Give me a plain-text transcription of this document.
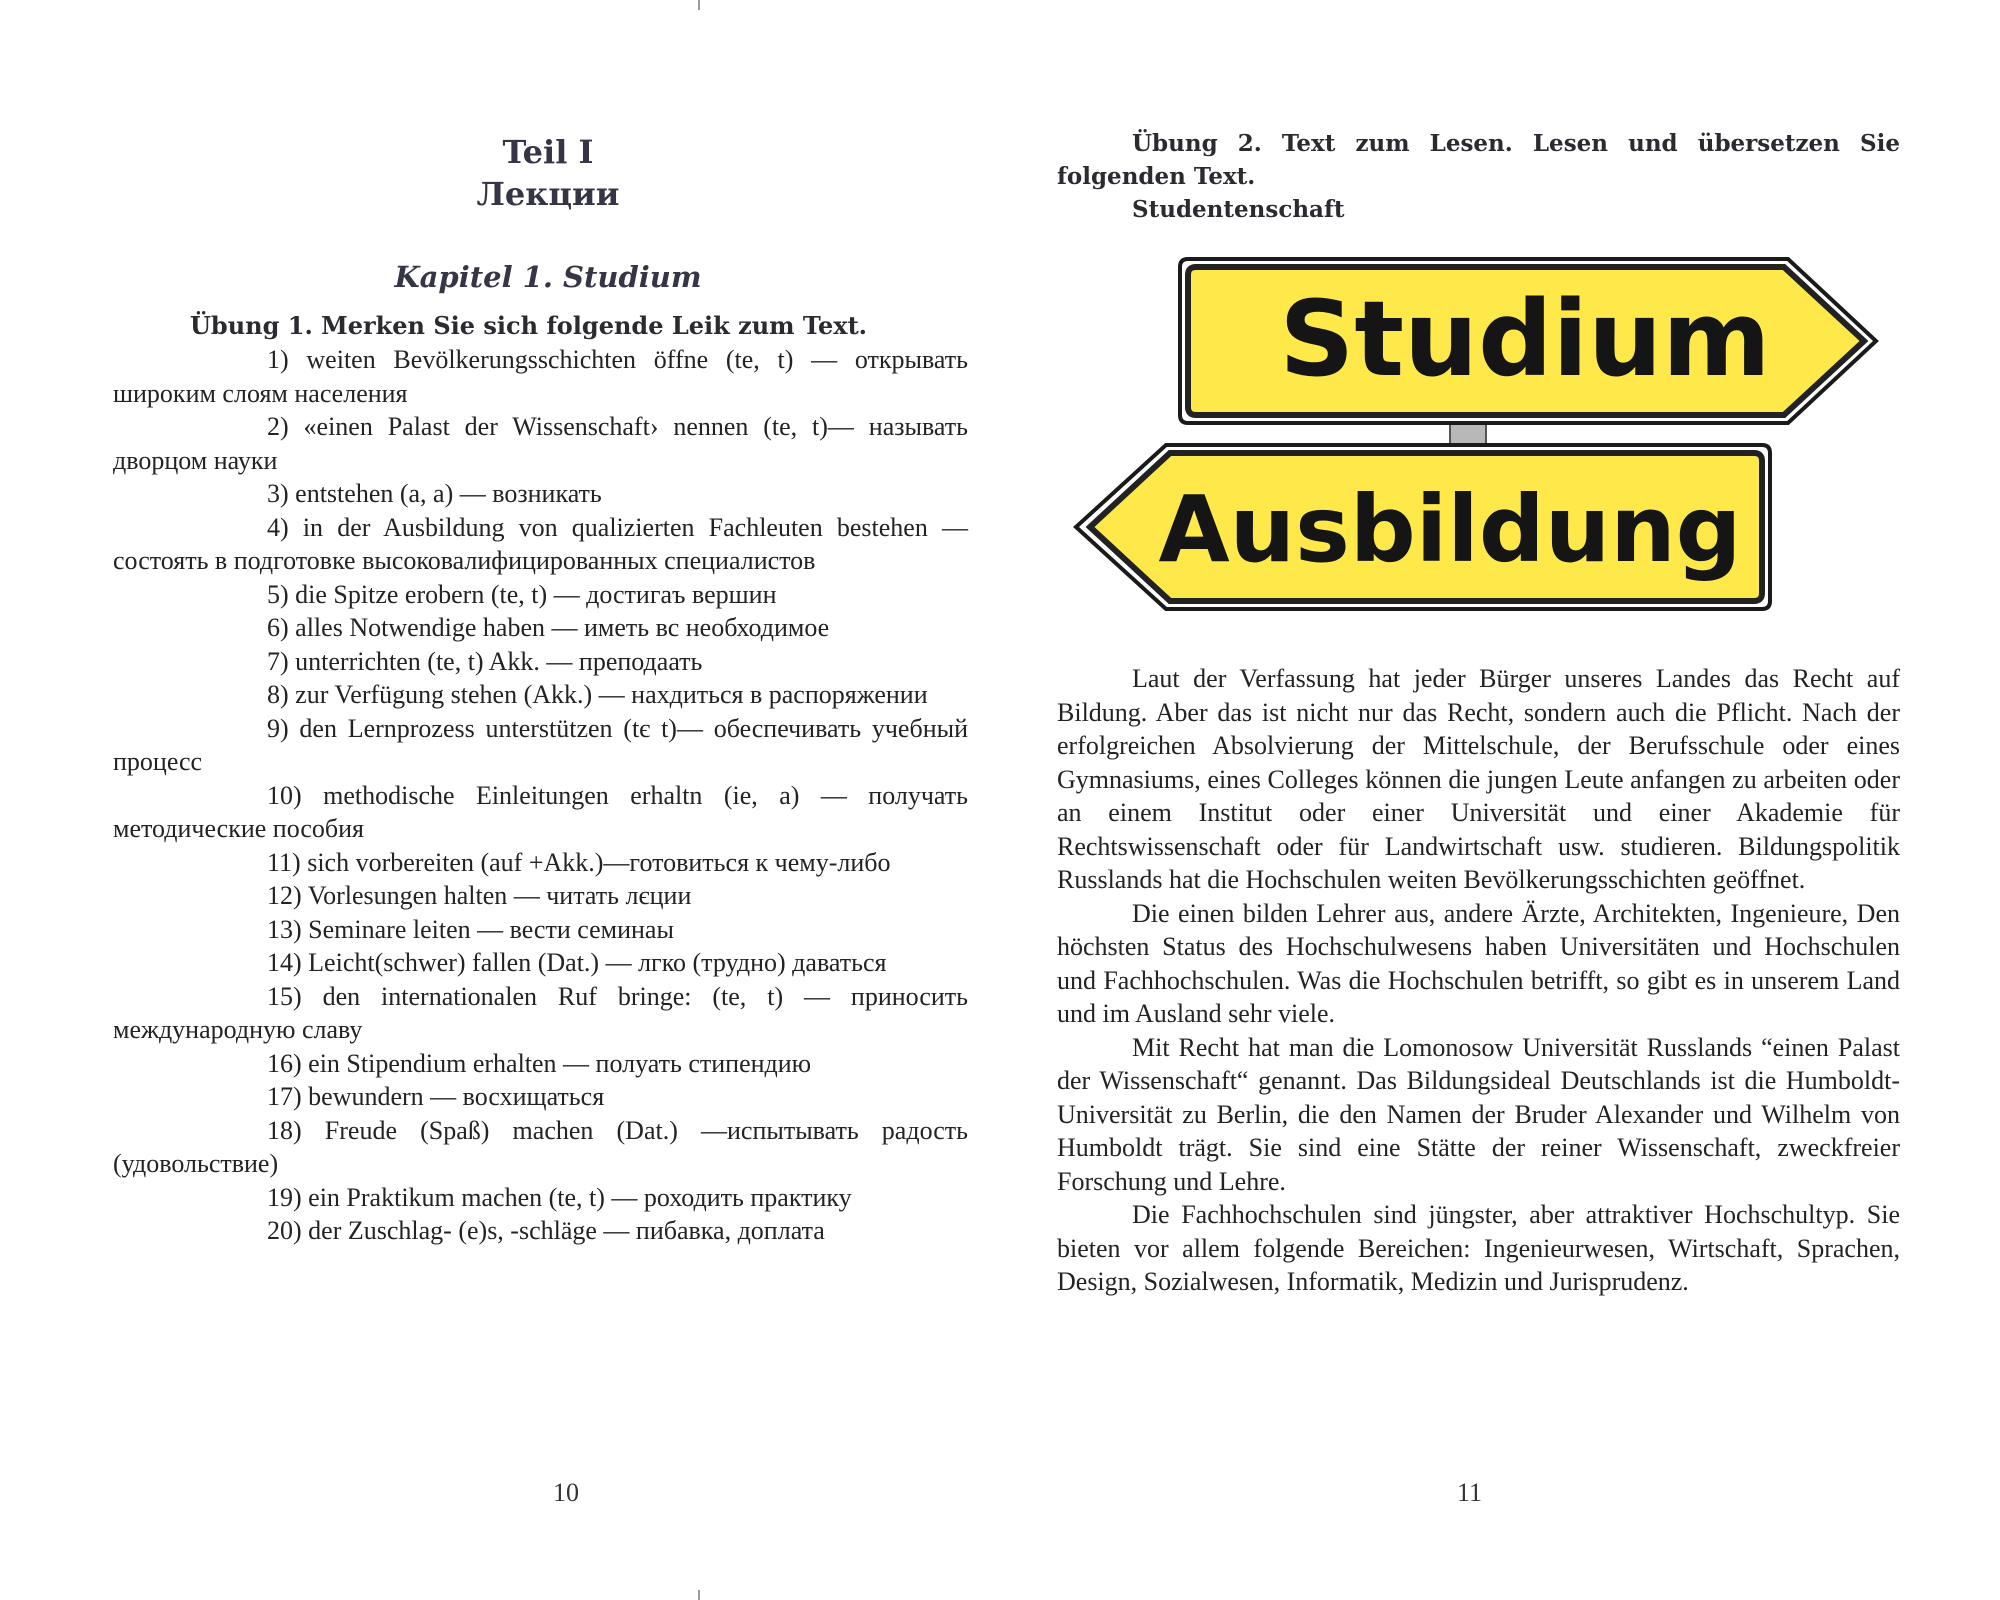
Teil I
Лекции
Kapitel 1. Studium
Übung 1. Merken Sie sich folgende Leik zum Text.
1) weiten Bevölkerungsschichten öffne (te, t) — открывать широким слоям населения
2) «einen Palast der Wissenschaft› nennen (te, t)— называть дворцом науки
3) entstehen (a, a) — возникать
4) in der Ausbildung von qualizierten Fachleuten bestehen — состоять в подготовке высоковалифицированных специалистов
5) die Spitze erobern (te, t) — достигаъ вершин
6) alles Notwendige haben — иметь вс необходимое
7) unterrichten (te, t) Akk. — преподаать
8) zur Verfügung stehen (Akk.) — нахдиться в распоряжении
9) den Lernprozess unterstützen (tє t)— обеспечивать учебный процесс
10) methodische Einleitungen erhaltn (ie, a) — получать методические пособия
11) sich vorbereiten (auf +Akk.)—готовиться к чему-либо
12) Vorlesungen halten — читать лєции
13) Seminare leiten — вести семинаы
14) Leicht(schwer) fallen (Dat.) — лгко (трудно) даваться
15) den internationalen Ruf bringe: (te, t) — приносить международную славу
16) ein Stipendium erhalten — полуать стипендию
17) bewundern — восхищаться
18) Freude (Spaß) machen (Dat.) —испытывать радость (удовольствие)
19) ein Praktikum machen (te, t) — роходить практику
20) der Zuschlag- (e)s, -schläge — пибавка, доплата
10
Übung 2. Text zum Lesen. Lesen und übersetzen Sie folgenden Text.
Studentenschaft
Studium
Ausbildung

Laut der Verfassung hat jeder Bürger unseres Landes das Recht auf Bildung. Aber das ist nicht nur das Recht, sondern auch die Pflicht. Nach der erfolgreichen Absolvierung der Mittelschule, der Berufsschule oder eines Gymnasiums, eines Colleges können die jungen Leute anfangen zu arbeiten oder an einem Institut oder einer Universität und einer Akademie für Rechtswissenschaft oder für Landwirtschaft usw. studieren. Bildungspolitik Russlands hat die Hochschulen weiten Bevölkerungsschichten geöffnet.

Die einen bilden Lehrer aus, andere Ärzte, Architekten, Ingenieure, Den höchsten Status des Hochschulwesens haben Universitäten und Hochschulen und Fachhochschulen. Was die Hochschulen betrifft, so gibt es in unserem Land und im Ausland sehr viele.

Mit Recht hat man die Lomonosow Universität Russlands “einen Palast der Wissenschaft“ genannt. Das Bildungsideal Deutschlands ist die Humboldt-Universität zu Berlin, die den Namen der Bruder Alexander und Wilhelm von Humboldt trägt. Sie sind eine Stätte der reiner Wissenschaft, zweckfreier Forschung und Lehre.

Die Fachhochschulen sind jüngster, aber attraktiver Hochschultyp. Sie bieten vor allem folgende Bereichen: Ingenieurwesen, Wirtschaft, Sprachen, Design, Sozialwesen, Informatik, Medizin und Jurisprudenz.

11
